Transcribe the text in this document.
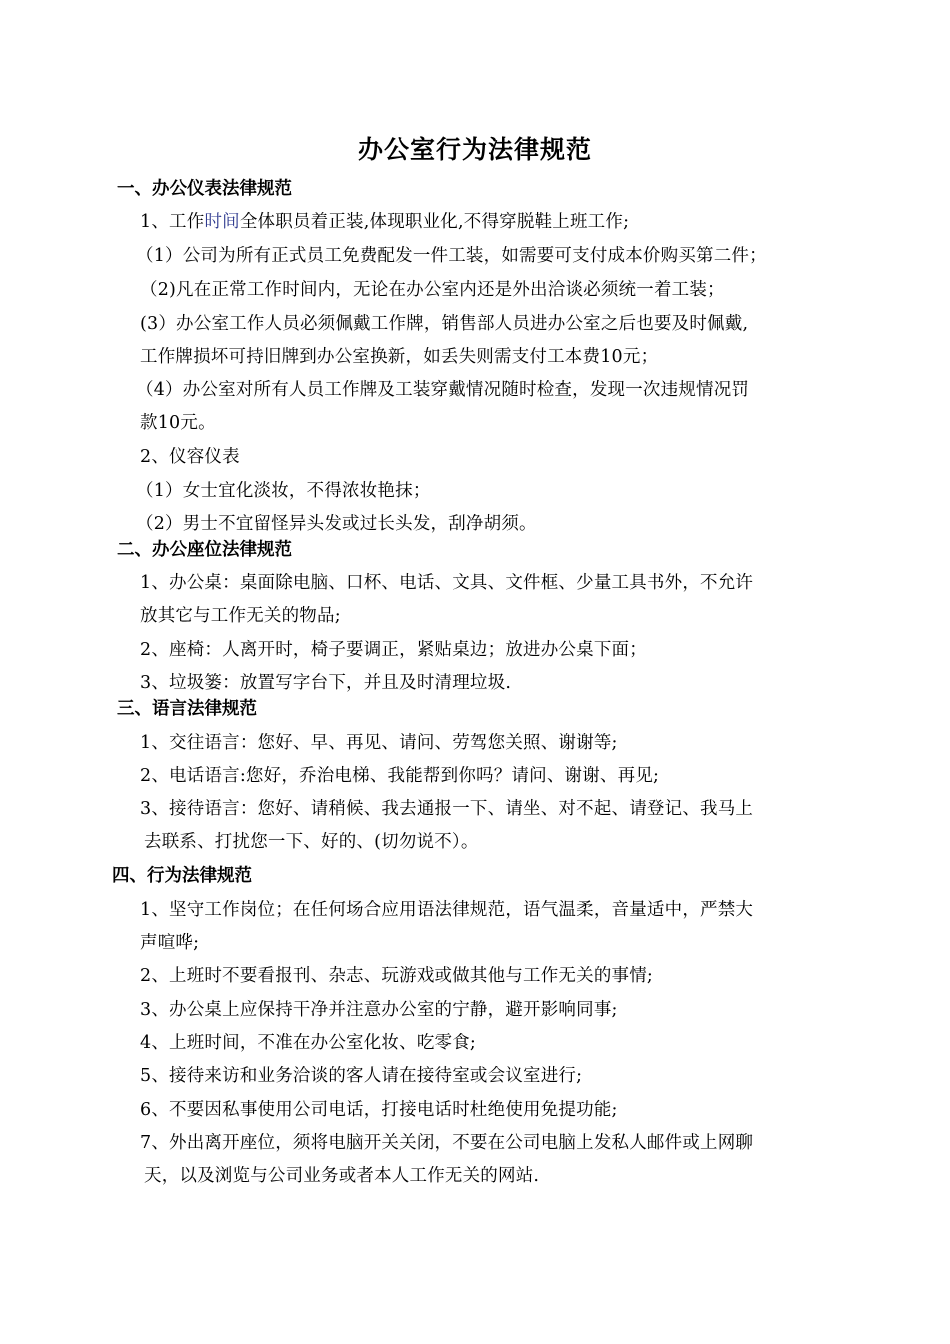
办公室行为法律规范
一、办公仪表法律规范
1、工作时间全体职员着正装,体现职业化,不得穿脱鞋上班工作;
（1）公司为所有正式员工免费配发一件工装，如需要可支付成本价购买第二件；
（2)凡在正常工作时间内，无论在办公室内还是外出洽谈必须统一着工装；
(3）办公室工作人员必须佩戴工作牌，销售部人员进办公室之后也要及时佩戴,
工作牌损坏可持旧牌到办公室换新，如丢失则需支付工本费10元；
（4）办公室对所有人员工作牌及工装穿戴情况随时检查，发现一次违规情况罚
款10元。
2、仪容仪表
（1）女士宜化淡妆，不得浓妆艳抹；
（2）男士不宜留怪异头发或过长头发，刮净胡须。
二、办公座位法律规范
1、办公桌：桌面除电脑、口杯、电话、文具、文件框、少量工具书外，不允许
放其它与工作无关的物品;
2、座椅：人离开时，椅子要调正，紧贴桌边；放进办公桌下面；
3、垃圾篓：放置写字台下，并且及时清理垃圾.
三、语言法律规范
1、交往语言：您好、早、再见、请问、劳驾您关照、谢谢等;
2、电话语言:您好，乔治电梯、我能帮到你吗？请问、谢谢、再见;
3、接待语言：您好、请稍候、我去通报一下、请坐、对不起、请登记、我马上
去联系、打扰您一下、好的、(切勿说不）。
四、行为法律规范
1、坚守工作岗位；在任何场合应用语法律规范，语气温柔，音量适中，严禁大
声喧哗;
2、上班时不要看报刊、杂志、玩游戏或做其他与工作无关的事情;
3、办公桌上应保持干净并注意办公室的宁静，避开影响同事;
4、上班时间，不准在办公室化妆、吃零食;
5、接待来访和业务洽谈的客人请在接待室或会议室进行;
6、不要因私事使用公司电话，打接电话时杜绝使用免提功能;
7、外出离开座位，须将电脑开关关闭，不要在公司电脑上发私人邮件或上网聊
天，以及浏览与公司业务或者本人工作无关的网站.
